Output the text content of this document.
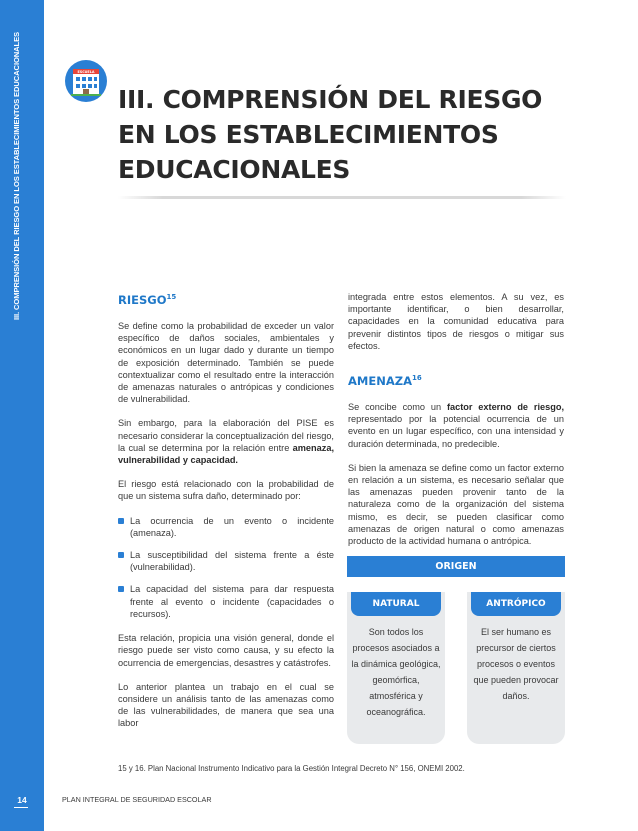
III. COMPRENSIÓN DEL RIESGO EN LOS ESTABLECIMIENTOS EDUCACIONALES
14
ESCUELA
III. COMPRENSIÓN DEL RIESGO
EN LOS ESTABLECIMIENTOS
EDUCACIONALES
RIESGO$^{15}$

Se define como la probabilidad de exceder un valor específico de daños sociales, ambientales y económicos en un lugar dado y durante un tiempo de exposición determinado. También se puede contextualizar como el resultado entre la interacción de amenazas naturales o antrópicas y condiciones de vulnerabilidad.

Sin embargo, para la elaboración del PISE es necesario considerar la conceptualización del riesgo, la cual se determina por la relación entre amenaza, vulnerabilidad y capacidad.

El riesgo está relacionado con la probabilidad de que un sistema sufra daño, determinado por:

La ocurrencia de un evento o incidente (amenaza).
La susceptibilidad del sistema frente a éste (vulnerabilidad).
La capacidad del sistema para dar respuesta frente al evento o incidente (capacidades o recursos).

Esta relación, propicia una visión general, donde el riesgo puede ser visto como causa, y su efecto la ocurrencia de emergencias, desastres y catástrofes.

Lo anterior plantea un trabajo en el cual se considere un análisis tanto de las amenazas como de las vulnerabilidades, de manera que sea una labor

integrada entre estos elementos. A su vez, es importante identificar, o bien desarrollar, capacidades en la comunidad educativa para prevenir distintos tipos de riesgos o mitigar sus efectos.

AMENAZA$^{16}$

Se concibe como un factor externo de riesgo, representado por la potencial ocurrencia de un evento en un lugar específico, con una intensidad y duración determinada, no predecible.

Si bien la amenaza se define como un factor externo en relación a un sistema, es necesario señalar que las amenazas pueden provenir tanto de la naturaleza como de la organización del sistema mismo, es decir, se pueden clasificar como amenazas de origen natural o como amenazas producto de la actividad humana o antrópica.

ORIGEN
NATURAL
Son todos los procesos asociados a la dinámica geológica, geomórfica, atmosférica y oceanográfica.
ANTRÓPICO
El ser humano es precursor de ciertos procesos o eventos que pueden provocar daños.
15 y 16. Plan Nacional Instrumento Indicativo para la Gestión Integral Decreto N° 156, ONEMI 2002.
PLAN INTEGRAL DE SEGURIDAD ESCOLAR
